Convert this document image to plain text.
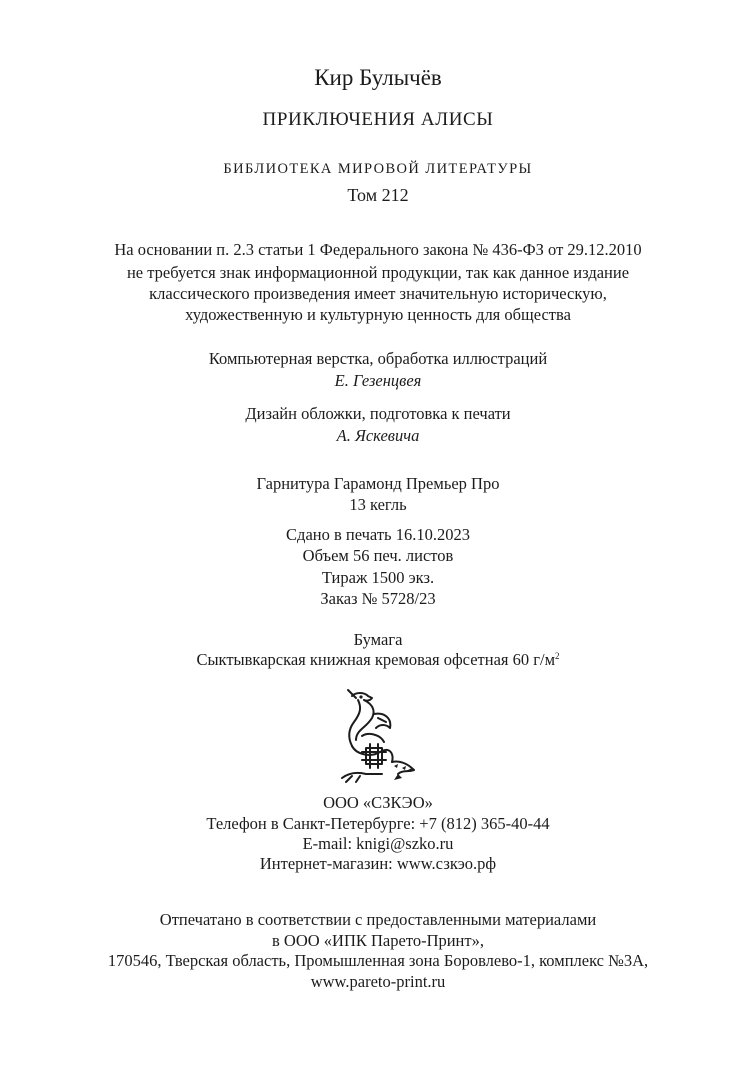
Кир Булычёв
ПРИКЛЮЧЕНИЯ АЛИСЫ
БИБЛИОТЕКА МИРОВОЙ ЛИТЕРАТУРЫ
Том 212
На основании п. 2.3 статьи 1 Федерального закона № 436-ФЗ от 29.12.2010
не требуется знак информационной продукции, так как данное издание
классического произведения имеет значительную историческую,
художественную и культурную ценность для общества
Компьютерная верстка, обработка иллюстраций
Е. Гезенцвея
Дизайн обложки, подготовка к печати
А. Яскевича
Гарнитура Гарамонд Премьер Про
13 кегль
Сдано в печать 16.10.2023
Объем 56 печ. листов
Тираж 1500 экз.
Заказ № 5728/23
Бумага
Сыктывкарская книжная кремовая офсетная 60 $г/м^2$
ООО «СЗКЭО»
Телефон в Санкт-Петербурге: +7 (812) 365-40-44
E-mail: knigi@szko.ru
Интернет-магазин: www.сзкэо.рф
Отпечатано в соответствии с предоставленными материалами
в ООО «ИПК Парето-Принт»,
170546, Тверская область, Промышленная зона Боровлево-1, комплекс №3А,
www.pareto-print.ru
